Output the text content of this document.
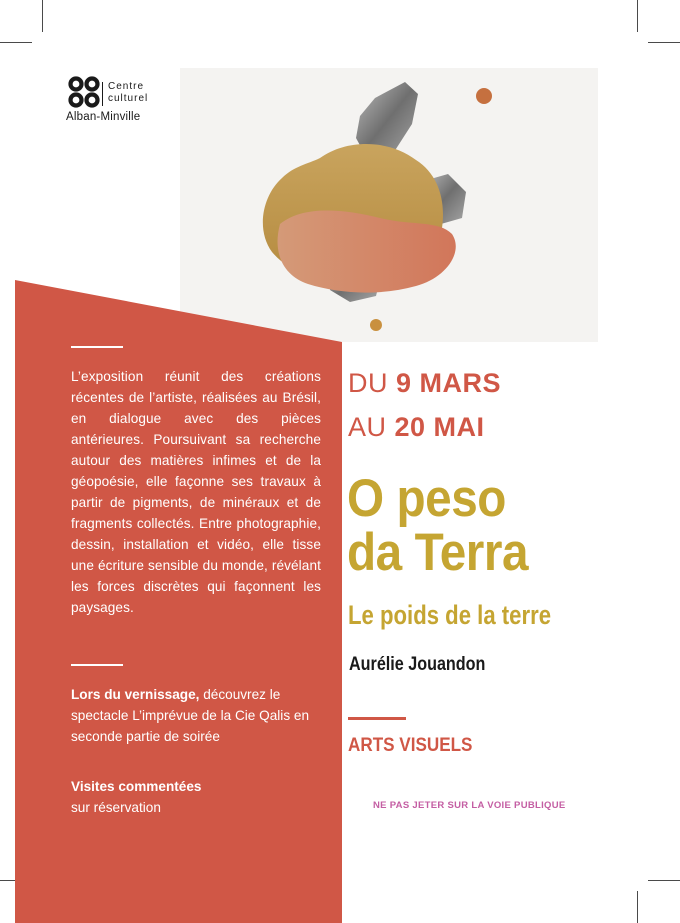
Centre
culturel
Alban-Minville
L’exposition réunit des créations récentes de l’artiste, réalisées au Brésil, en dialogue avec des pièces antérieures. Poursuivant sa recherche autour des matières infimes et de la géopoésie, elle façonne ses travaux à partir de pigments, de minéraux et de fragments collectés. Entre photographie, dessin, installation et vidéo, elle tisse une écriture sensible du monde, révélant les forces discrètes qui façonnent les paysages.
Lors du vernissage, découvrez le spectacle L’imprévue de la Cie Qalis en seconde partie de soirée
Visites commentées
sur réservation
DU 9 MARS
AU 20 MAI
O peso
da Terra
Le poids de la terre
Aurélie Jouandon
ARTS VISUELS
NE PAS JETER SUR LA VOIE PUBLIQUE
